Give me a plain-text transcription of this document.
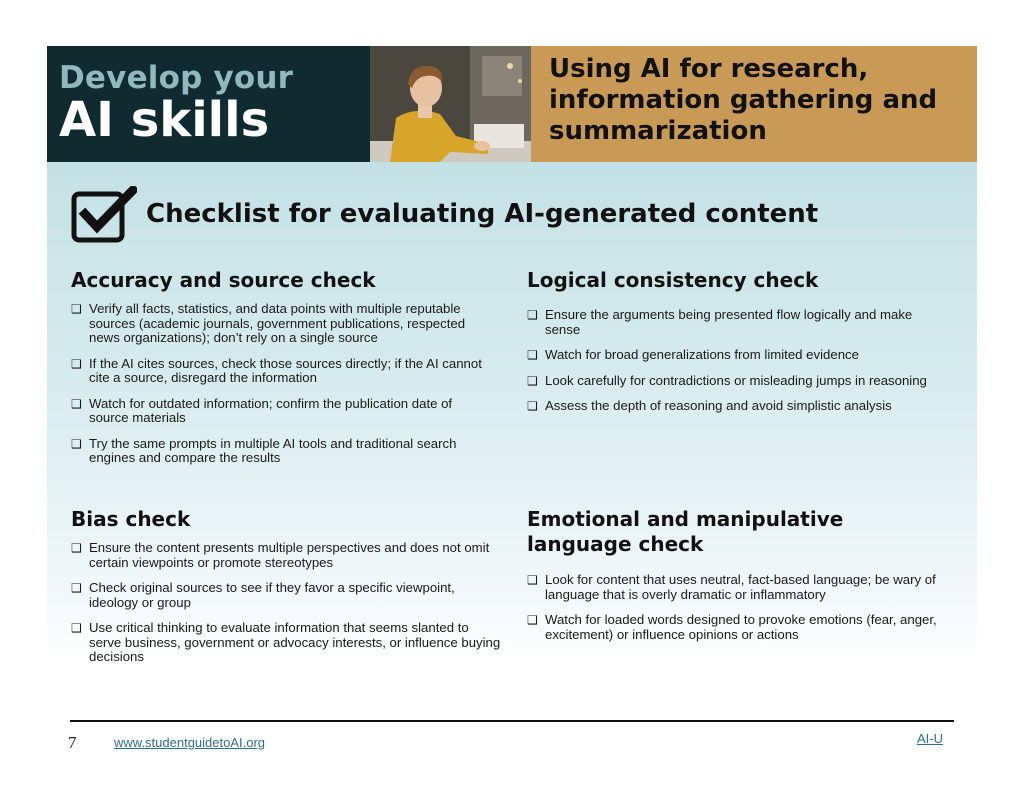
Develop your
AI skills
Using AI for research, information gathering and summarization
Checklist for evaluating AI-generated content
Accuracy and source check
❑ Verify all facts, statistics, and data points with multiple reputable sources (academic journals, government publications, respected news organizations); don’t rely on a single source
❑ If the AI cites sources, check those sources directly; if the AI cannot cite a source, disregard the information
❑ Watch for outdated information; confirm the publication date of source materials
❑ Try the same prompts in multiple AI tools and traditional search engines and compare the results
Logical consistency check
❑ Ensure the arguments being presented flow logically and make sense
❑ Watch for broad generalizations from limited evidence
❑ Look carefully for contradictions or misleading jumps in reasoning
❑ Assess the depth of reasoning and avoid simplistic analysis
Bias check
❑ Ensure the content presents multiple perspectives and does not omit certain viewpoints or promote stereotypes
❑ Check original sources to see if they favor a specific viewpoint, ideology or group
❑ Use critical thinking to evaluate information that seems slanted to serve business, government or advocacy interests, or influence buying decisions
Emotional and manipulative language check
❑ Look for content that uses neutral, fact-based language; be wary of language that is overly dramatic or inflammatory
❑ Watch for loaded words designed to provoke emotions (fear, anger, excitement) or influence opinions or actions
7	www.studentguidetoAI.org	AI-U
